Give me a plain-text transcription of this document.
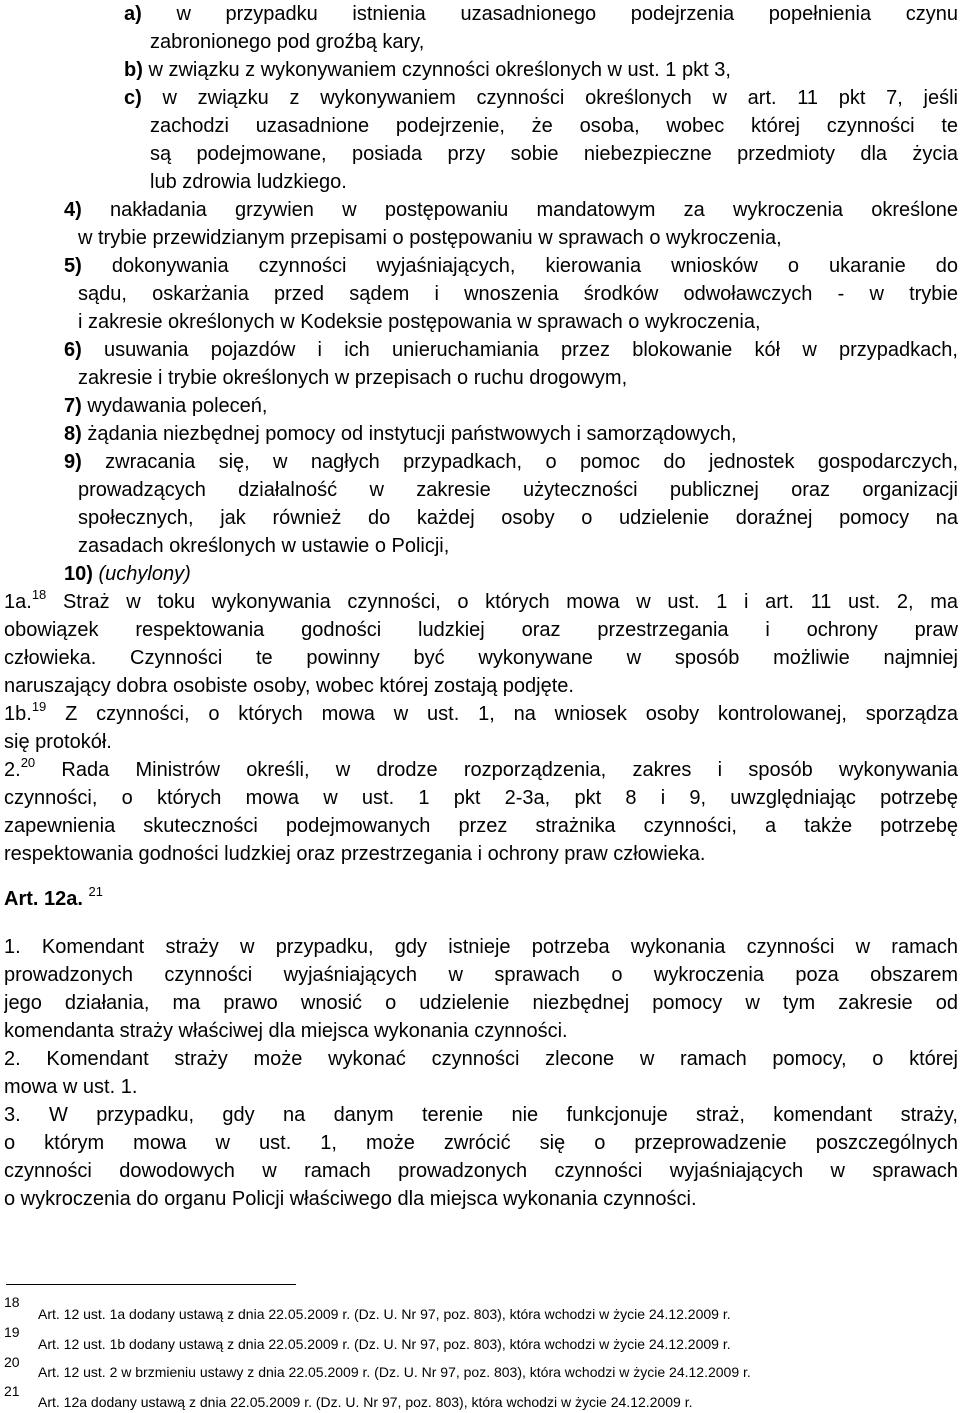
a) w przypadku istnienia uzasadnionego podejrzenia popełnienia czynu
zabronionego pod groźbą kary,
b) w związku z wykonywaniem czynności określonych w ust. 1 pkt 3,
c) w związku z wykonywaniem czynności określonych w art. 11 pkt 7, jeśli
zachodzi uzasadnione podejrzenie, że osoba, wobec której czynności te
są podejmowane, posiada przy sobie niebezpieczne przedmioty dla życia
lub zdrowia ludzkiego.
4) nakładania grzywien w postępowaniu mandatowym za wykroczenia określone
w trybie przewidzianym przepisami o postępowaniu w sprawach o wykroczenia,
5) dokonywania czynności wyjaśniających, kierowania wniosków o ukaranie do
sądu, oskarżania przed sądem i wnoszenia środków odwoławczych - w trybie
i zakresie określonych w Kodeksie postępowania w sprawach o wykroczenia,
6) usuwania pojazdów i ich unieruchamiania przez blokowanie kół w przypadkach,
zakresie i trybie określonych w przepisach o ruchu drogowym,
7) wydawania poleceń,
8) żądania niezbędnej pomocy od instytucji państwowych i samorządowych,
9) zwracania się, w nagłych przypadkach, o pomoc do jednostek gospodarczych,
prowadzących działalność w zakresie użyteczności publicznej oraz organizacji
społecznych, jak również do każdej osoby o udzielenie doraźnej pomocy na
zasadach określonych w ustawie o Policji,
10) (uchylony)
1a.$^{18}$ Straż w toku wykonywania czynności, o których mowa w ust. 1 i art. 11 ust. 2, ma
obowiązek respektowania godności ludzkiej oraz przestrzegania i ochrony praw
człowieka. Czynności te powinny być wykonywane w sposób możliwie najmniej
naruszający dobra osobiste osoby, wobec której zostają podjęte.
1b.$^{19}$ Z czynności, o których mowa w ust. 1, na wniosek osoby kontrolowanej, sporządza
się protokół.
2.20 Rada Ministrów określi, w drodze rozporządzenia, zakres i sposób wykonywania
czynności, o których mowa w ust. 1 pkt 2-3a, pkt 8 i 9, uwzględniając potrzebę
zapewnienia skuteczności podejmowanych przez strażnika czynności, a także potrzebę
respektowania godności ludzkiej oraz przestrzegania i ochrony praw człowieka.
Art. 12a. $^{21}$
1. Komendant straży w przypadku, gdy istnieje potrzeba wykonania czynności w ramach
prowadzonych czynności wyjaśniających w sprawach o wykroczenia poza obszarem
jego działania, ma prawo wnosić o udzielenie niezbędnej pomocy w tym zakresie od
komendanta straży właściwej dla miejsca wykonania czynności.
2. Komendant straży może wykonać czynności zlecone w ramach pomocy, o której
mowa w ust. 1.
3. W przypadku, gdy na danym terenie nie funkcjonuje straż, komendant straży,
o którym mowa w ust. 1, może zwrócić się o przeprowadzenie poszczególnych
czynności dowodowych w ramach prowadzonych czynności wyjaśniających w sprawach
o wykroczenia do organu Policji właściwego dla miejsca wykonania czynności.
18
Art. 12 ust. 1a dodany ustawą z dnia 22.05.2009 r. (Dz. U. Nr 97, poz. 803), która wchodzi w życie 24.12.2009 r.
19
Art. 12 ust. 1b dodany ustawą z dnia 22.05.2009 r. (Dz. U. Nr 97, poz. 803), która wchodzi w życie 24.12.2009 r.
20
Art. 12 ust. 2 w brzmieniu ustawy z dnia 22.05.2009 r. (Dz. U. Nr 97, poz. 803), która wchodzi w życie 24.12.2009 r.
21
Art. 12a dodany ustawą z dnia 22.05.2009 r. (Dz. U. Nr 97, poz. 803), która wchodzi w życie 24.12.2009 r.
